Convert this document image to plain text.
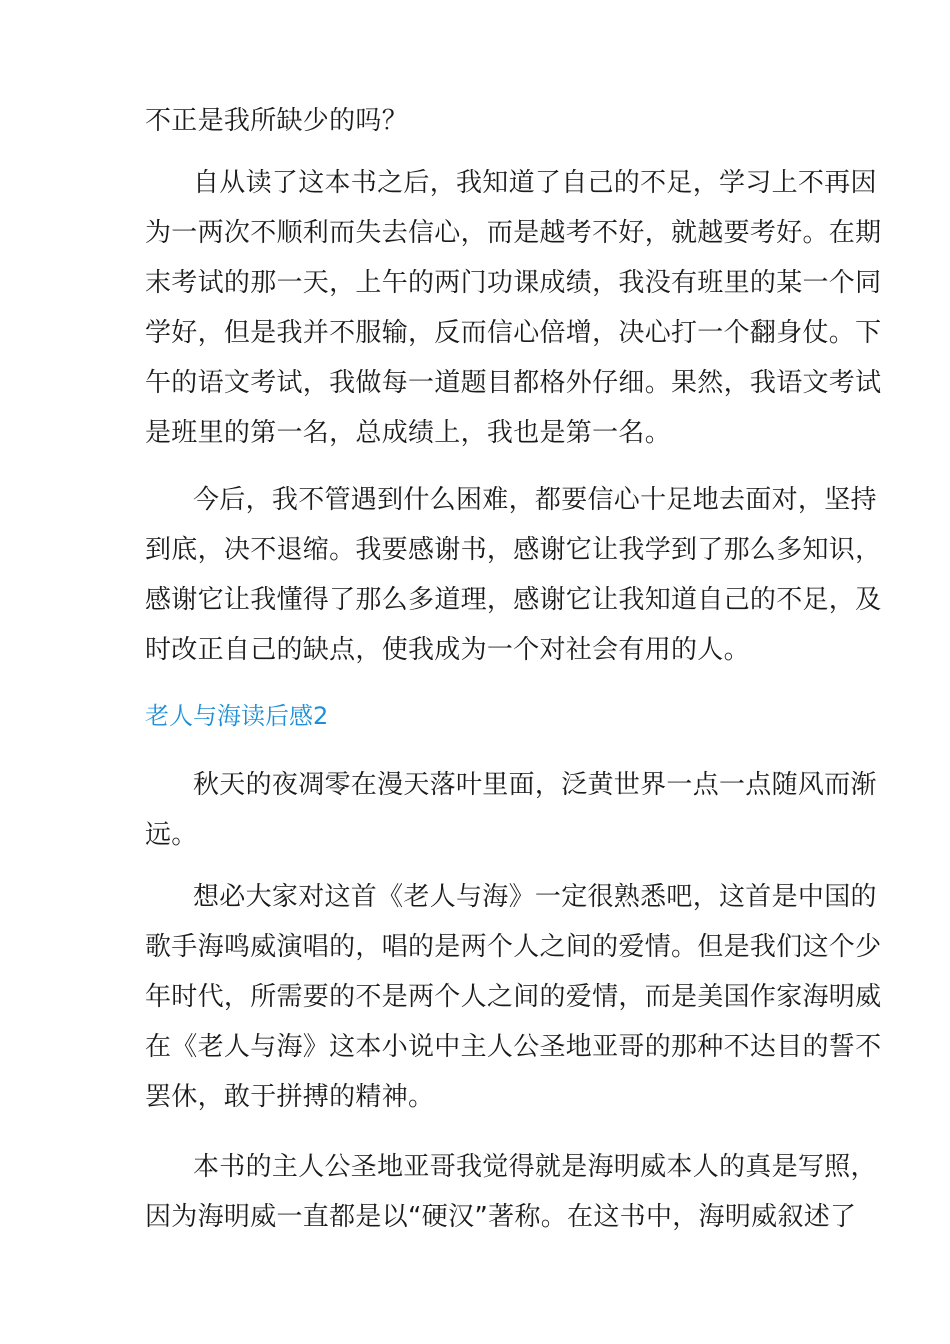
不正是我所缺少的吗？
自从读了这本书之后，我知道了自己的不足，学习上不再因
为一两次不顺利而失去信心，而是越考不好，就越要考好。在期
末考试的那一天，上午的两门功课成绩，我没有班里的某一个同
学好，但是我并不服输，反而信心倍增，决心打一个翻身仗。下
午的语文考试，我做每一道题目都格外仔细。果然，我语文考试
是班里的第一名，总成绩上，我也是第一名。
今后，我不管遇到什么困难，都要信心十足地去面对，坚持
到底，决不退缩。我要感谢书，感谢它让我学到了那么多知识，
感谢它让我懂得了那么多道理，感谢它让我知道自己的不足，及
时改正自己的缺点，使我成为一个对社会有用的人。
老人与海读后感2
秋天的夜凋零在漫天落叶里面，泛黄世界一点一点随风而渐
远。
想必大家对这首《老人与海》一定很熟悉吧，这首是中国的
歌手海鸣威演唱的，唱的是两个人之间的爱情。但是我们这个少
年时代，所需要的不是两个人之间的爱情，而是美国作家海明威
在《老人与海》这本小说中主人公圣地亚哥的那种不达目的誓不
罢休，敢于拼搏的精神。
本书的主人公圣地亚哥我觉得就是海明威本人的真是写照，
因为海明威一直都是以“硬汉”著称。在这书中，海明威叙述了
